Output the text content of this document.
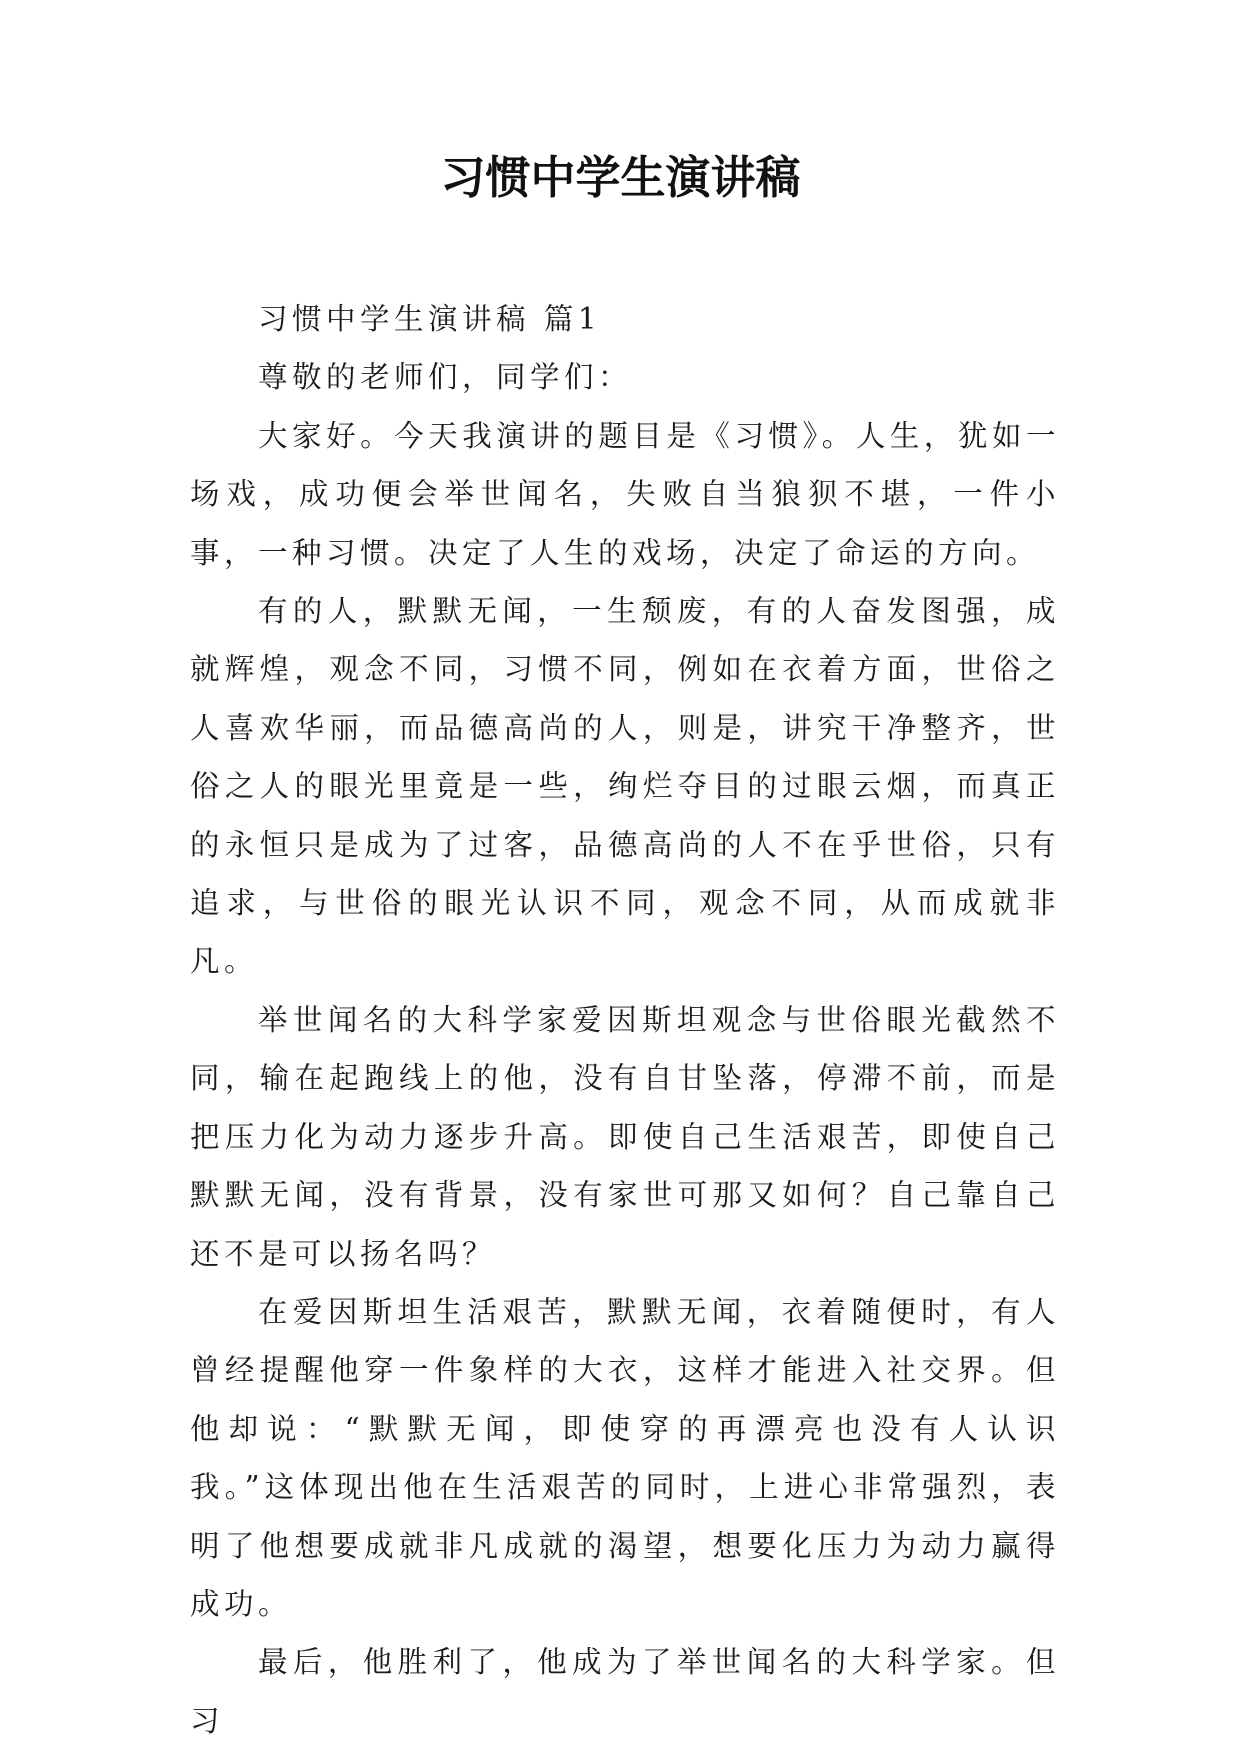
习惯中学生演讲稿

习惯中学生演讲稿 篇1

尊敬的老师们，同学们：

大家好。今天我演讲的题目是《习惯》。人生，犹如一场戏，成功便会举世闻名，失败自当狼狈不堪，一件小事，一种习惯。决定了人生的戏场，决定了命运的方向。

有的人，默默无闻，一生颓废，有的人奋发图强，成就辉煌，观念不同，习惯不同，例如在衣着方面，世俗之人喜欢华丽，而品德高尚的人，则是，讲究干净整齐，世俗之人的眼光里竟是一些，绚烂夺目的过眼云烟，而真正的永恒只是成为了过客，品德高尚的人不在乎世俗，只有追求，与世俗的眼光认识不同，观念不同，从而成就非凡。

举世闻名的大科学家爱因斯坦观念与世俗眼光截然不同，输在起跑线上的他，没有自甘坠落，停滞不前，而是把压力化为动力逐步升高。即使自己生活艰苦，即使自己默默无闻，没有背景，没有家世可那又如何？自己靠自己还不是可以扬名吗？

在爱因斯坦生活艰苦，默默无闻，衣着随便时，有人曾经提醒他穿一件象样的大衣，这样才能进入社交界。但他却说：“默默无闻，即使穿的再漂亮也没有人认识我。”这体现出他在生活艰苦的同时，上进心非常强烈，表明了他想要成就非凡成就的渴望，想要化压力为动力赢得成功。

最后，他胜利了，他成为了举世闻名的大科学家。但习
